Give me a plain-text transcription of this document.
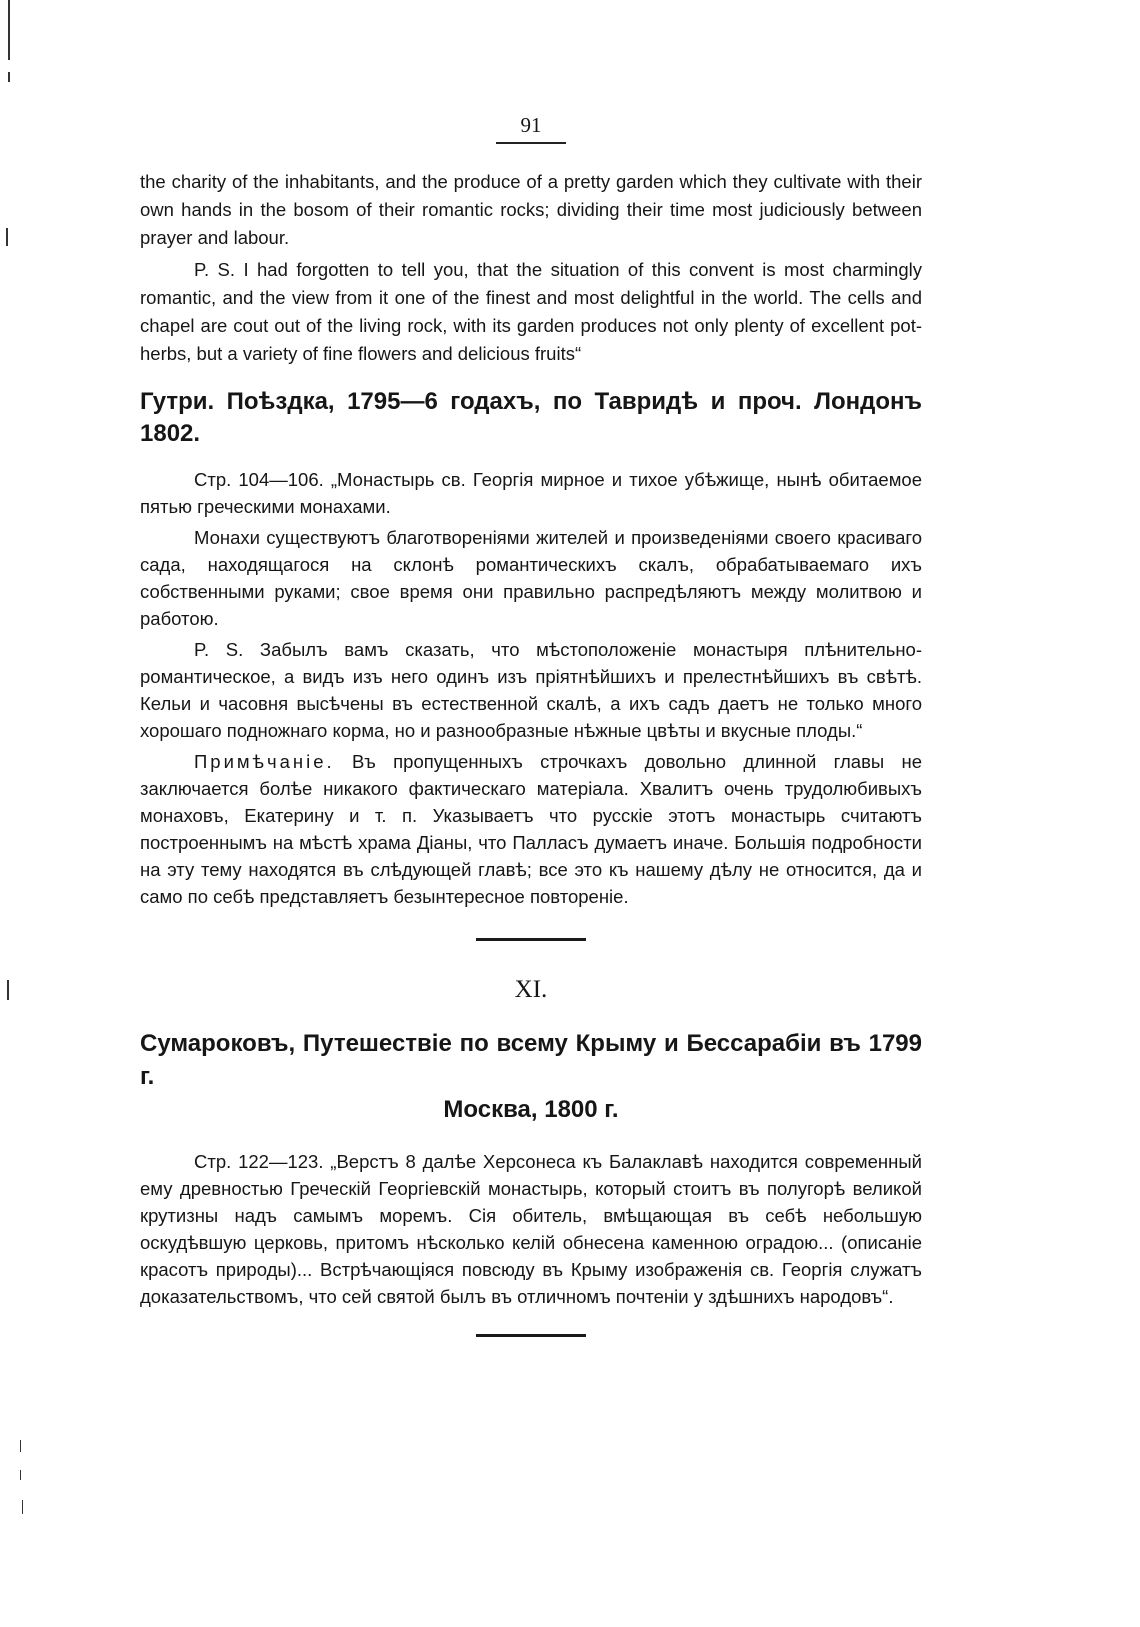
91

the charity of the inhabitants, and the produce of a pretty garden which they cultivate with their own hands in the bosom of their romantic rocks; dividing their time most judiciously between prayer and labour.

P. S. I had forgotten to tell you, that the situation of this convent is most charmingly romantic, and the view from it one of the finest and most delightful in the world. The cells and chapel are cout out of the living rock, with its garden produces not only plenty of excellent pot-herbs, but a variety of fine flowers and delicious fruits“

Гутри. Поѣздка, 1795—6 годахъ, по Тавридѣ и проч. Лондонъ 1802.

Стр. 104—106. „Монастырь св. Георгія мирное и тихое убѣжище, нынѣ обитаемое пятью греческими монахами.

Монахи существуютъ благотвореніями жителей и произведеніями своего красиваго сада, находящагося на склонѣ романтическихъ скалъ, обрабатываемаго ихъ собственными руками; свое время они правильно распредѣляютъ между молитвою и работою.

P. S. Забылъ вамъ сказать, что мѣстоположеніе монастыря плѣнительно-романтическое, а видъ изъ него одинъ изъ пріятнѣйшихъ и прелестнѣйшихъ въ свѣтѣ. Кельи и часовня высѣчены въ естественной скалѣ, а ихъ садъ даетъ не только много хорошаго подножнаго корма, но и разнообразные нѣжные цвѣты и вкусные плоды.“

Примѣчаніе. Въ пропущенныхъ строчкахъ довольно длинной главы не заключается болѣе никакого фактическаго матеріала. Хвалитъ очень трудолюбивыхъ монаховъ, Екатерину и т. п. Указываетъ что русскіе этотъ монастырь считаютъ построеннымъ на мѣстѣ храма Діаны, что Палласъ думаетъ иначе. Большія подробности на эту тему находятся въ слѣдующей главѣ; все это къ нашему дѣлу не относится, да и само по себѣ представляетъ безынтересное повтореніе.

XI.
Сумароковъ, Путешествіе по всему Крыму и Бессарабіи въ 1799 г.
Москва, 1800 г.

Стр. 122—123. „Верстъ 8 далѣе Херсонеса къ Балаклавѣ находится современный ему древностью Греческій Георгіевскій монастырь, который стоитъ въ полугорѣ великой крутизны надъ самымъ моремъ. Сія обитель, вмѣщающая въ себѣ небольшую оскудѣвшую церковь, притомъ нѣсколько келій обнесена каменною оградою... (описаніе красотъ природы)... Встрѣчающіяся повсюду въ Крыму изображенія св. Георгія служатъ доказательствомъ, что сей святой былъ въ отличномъ почтеніи у здѣшнихъ народовъ“.
